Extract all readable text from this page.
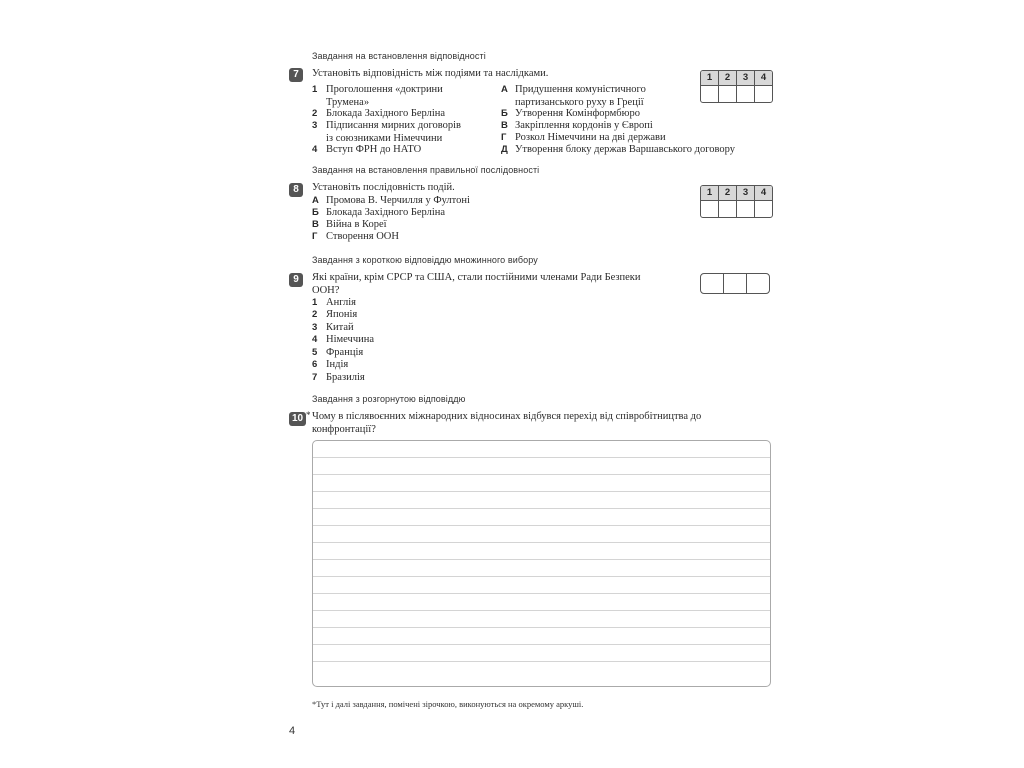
Завдання на встановлення відповідності
7	Установіть відповідність між подіями та наслідками.
1 Проголошення «доктрини
Трумена»
2 Блокада Західного Берліна
3 Підписання мирних договорів
із союзниками Німеччини
4 Вступ ФРН до НАТО
А Придушення комуністичного
партизанського руху в Греції
Б Утворення Комінформбюро
В Закріплення кордонів у Європі
Г Розкол Німеччини на дві держави
Д Утворення блоку держав Варшавського договору
1	2	3	4
Завдання на встановлення правильної послідовності
8	Установіть послідовність подій.
А Промова В. Черчилля у Фултоні
Б Блокада Західного Берліна
В Війна в Кореї
Г Створення ООН
1	2	3	4
Завдання з короткою відповіддю множинного вибору
9	Які країни, крім СРСР та США, стали постійними членами Ради Безпеки
ООН?
1 Англія
2 Японія
3 Китай
4 Німеччина
5 Франція
6 Індія
7 Бразилія
Завдання з розгорнутою відповіддю
10 * Чому в післявоєнних міжнародних відносинах відбувся перехід від співробітництва до
конфронтації?
*Тут і далі завдання, помічені зірочкою, виконуються на окремому аркуші.
4
